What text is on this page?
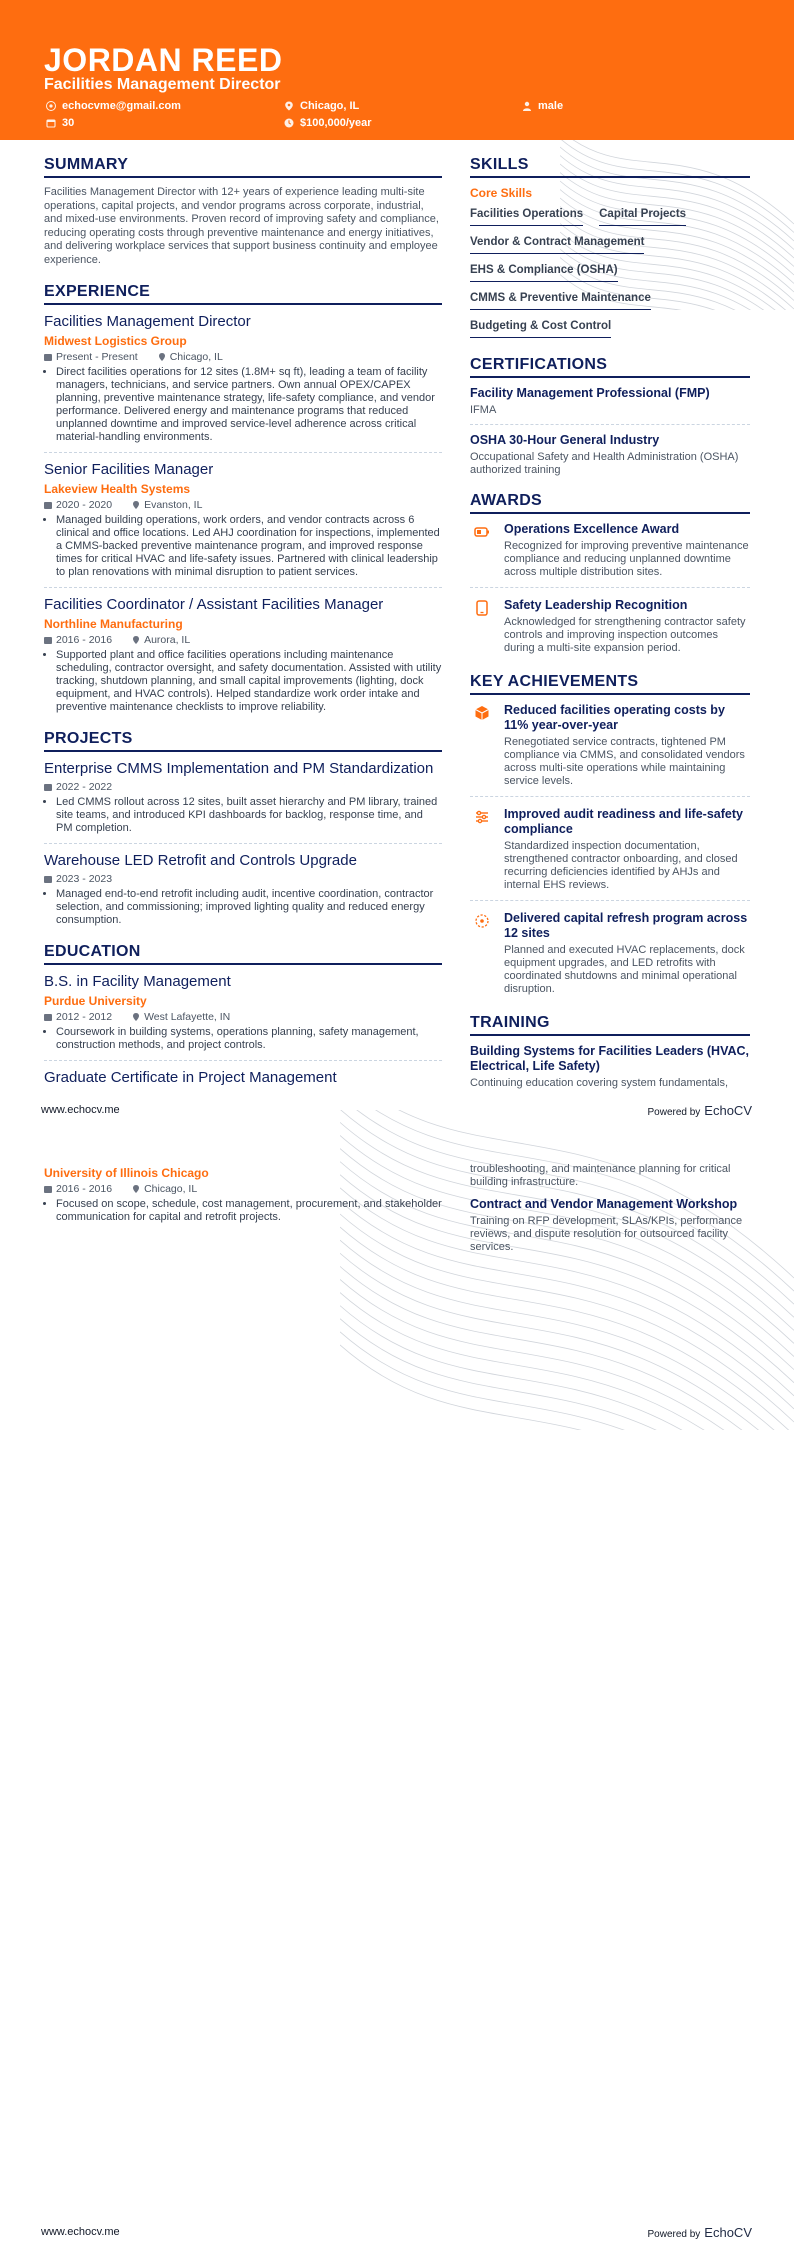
JORDAN REED
Facilities Management Director
echocvme@gmail.com	Chicago, IL	male
30	$100,000/year
SUMMARY
Facilities Management Director with 12+ years of experience leading multi-site operations, capital projects, and vendor programs across corporate, industrial, and mixed-use environments. Proven record of improving safety and compliance, reducing operating costs through preventive maintenance and energy initiatives, and delivering workplace services that support business continuity and employee experience.
EXPERIENCE
Facilities Management Director
Midwest Logistics Group
Present - Present	Chicago, IL
• Direct facilities operations for 12 sites (1.8M+ sq ft), leading a team of facility managers, technicians, and service partners. Own annual OPEX/CAPEX planning, preventive maintenance strategy, life-safety compliance, and vendor performance. Delivered energy and maintenance programs that reduced unplanned downtime and improved service-level adherence across critical material-handling environments.
Senior Facilities Manager
Lakeview Health Systems
2020 - 2020	Evanston, IL
• Managed building operations, work orders, and vendor contracts across 6 clinical and office locations. Led AHJ coordination for inspections, implemented a CMMS-backed preventive maintenance program, and improved response times for critical HVAC and life-safety issues. Partnered with clinical leadership to plan renovations with minimal disruption to patient services.
Facilities Coordinator / Assistant Facilities Manager
Northline Manufacturing
2016 - 2016	Aurora, IL
• Supported plant and office facilities operations including maintenance scheduling, contractor oversight, and safety documentation. Assisted with utility tracking, shutdown planning, and small capital improvements (lighting, dock equipment, and HVAC controls). Helped standardize work order intake and preventive maintenance checklists to improve reliability.
PROJECTS
Enterprise CMMS Implementation and PM Standardization
2022 - 2022
• Led CMMS rollout across 12 sites, built asset hierarchy and PM library, trained site teams, and introduced KPI dashboards for backlog, response time, and PM completion.
Warehouse LED Retrofit and Controls Upgrade
2023 - 2023
• Managed end-to-end retrofit including audit, incentive coordination, contractor selection, and commissioning; improved lighting quality and reduced energy consumption.
EDUCATION
B.S. in Facility Management
Purdue University
2012 - 2012	West Lafayette, IN
• Coursework in building systems, operations planning, safety management, construction methods, and project controls.
Graduate Certificate in Project Management
SKILLS
Core Skills
Facilities Operations Capital Projects
Vendor & Contract Management
EHS & Compliance (OSHA)
CMMS & Preventive Maintenance
Budgeting & Cost Control
CERTIFICATIONS
Facility Management Professional (FMP)
IFMA
OSHA 30-Hour General Industry
Occupational Safety and Health Administration (OSHA) authorized training
AWARDS
Operations Excellence Award
Recognized for improving preventive maintenance compliance and reducing unplanned downtime across multiple distribution sites.
Safety Leadership Recognition
Acknowledged for strengthening contractor safety controls and improving inspection outcomes during a multi-site expansion period.
KEY ACHIEVEMENTS
Reduced facilities operating costs by 11% year-over-year
Renegotiated service contracts, tightened PM compliance via CMMS, and consolidated vendors across multi-site operations while maintaining service levels.
Improved audit readiness and life-safety compliance
Standardized inspection documentation, strengthened contractor onboarding, and closed recurring deficiencies identified by AHJs and internal EHS reviews.
Delivered capital refresh program across 12 sites
Planned and executed HVAC replacements, dock equipment upgrades, and LED retrofits with coordinated shutdowns and minimal operational disruption.
TRAINING
Building Systems for Facilities Leaders (HVAC, Electrical, Life Safety)
Continuing education covering system fundamentals,
www.echocv.me	Powered by EchoCV
University of Illinois Chicago
2016 - 2016	Chicago, IL
• Focused on scope, schedule, cost management, procurement, and stakeholder communication for capital and retrofit projects.
troubleshooting, and maintenance planning for critical building infrastructure.
Contract and Vendor Management Workshop
Training on RFP development, SLAs/KPIs, performance reviews, and dispute resolution for outsourced facility services.
www.echocv.me	Powered by EchoCV
